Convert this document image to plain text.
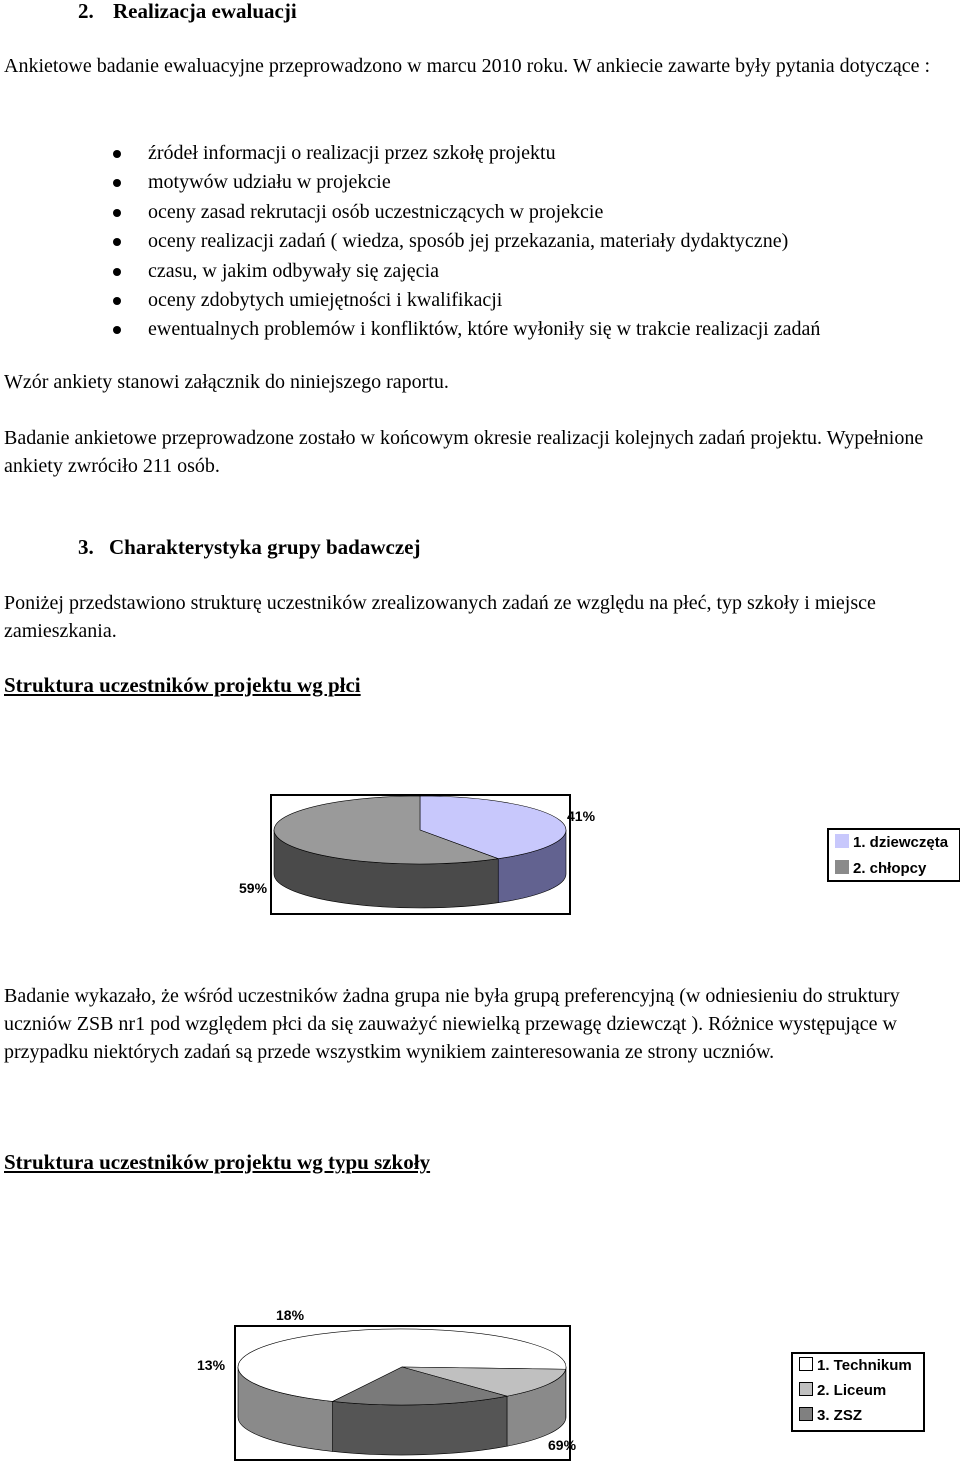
2. Realizacja ewaluacji

Ankietowe badanie ewaluacyjne przeprowadzono w marcu 2010 roku. W ankiecie zawarte były pytania dotyczące :

źródeł informacji o realizacji przez szkołę projektu
motywów udziału w projekcie
oceny zasad rekrutacji osób uczestniczących w projekcie
oceny realizacji zadań ( wiedza, sposób jej przekazania, materiały dydaktyczne)
czasu, w jakim odbywały się zajęcia
oceny zdobytych umiejętności i kwalifikacji
ewentualnych problemów i konfliktów, które wyłoniły się w trakcie realizacji zadań

Wzór ankiety stanowi załącznik do niniejszego raportu.

Badanie ankietowe przeprowadzone zostało w końcowym okresie realizacji kolejnych zadań projektu. Wypełnione ankiety zwróciło 211 osób.

3. Charakterystyka grupy badawczej

Poniżej przedstawiono strukturę uczestników zrealizowanych zadań ze względu na płeć, typ szkoły i miejsce zamieszkania.

Struktura uczestników projektu wg płci
41%
59%
1. dziewczęta
2. chłopcy

Badanie wykazało, że wśród uczestników żadna grupa nie była grupą preferencyjną (w odniesieniu do struktury uczniów ZSB nr1 pod względem płci da się zauważyć niewielką przewagę dziewcząt ). Różnice występujące w przypadku niektórych zadań są przede wszystkim wynikiem zainteresowania ze strony uczniów.

Struktura uczestników projektu wg typu szkoły
18%
13%
69%
1. Technikum
2. Liceum
3. ZSZ
